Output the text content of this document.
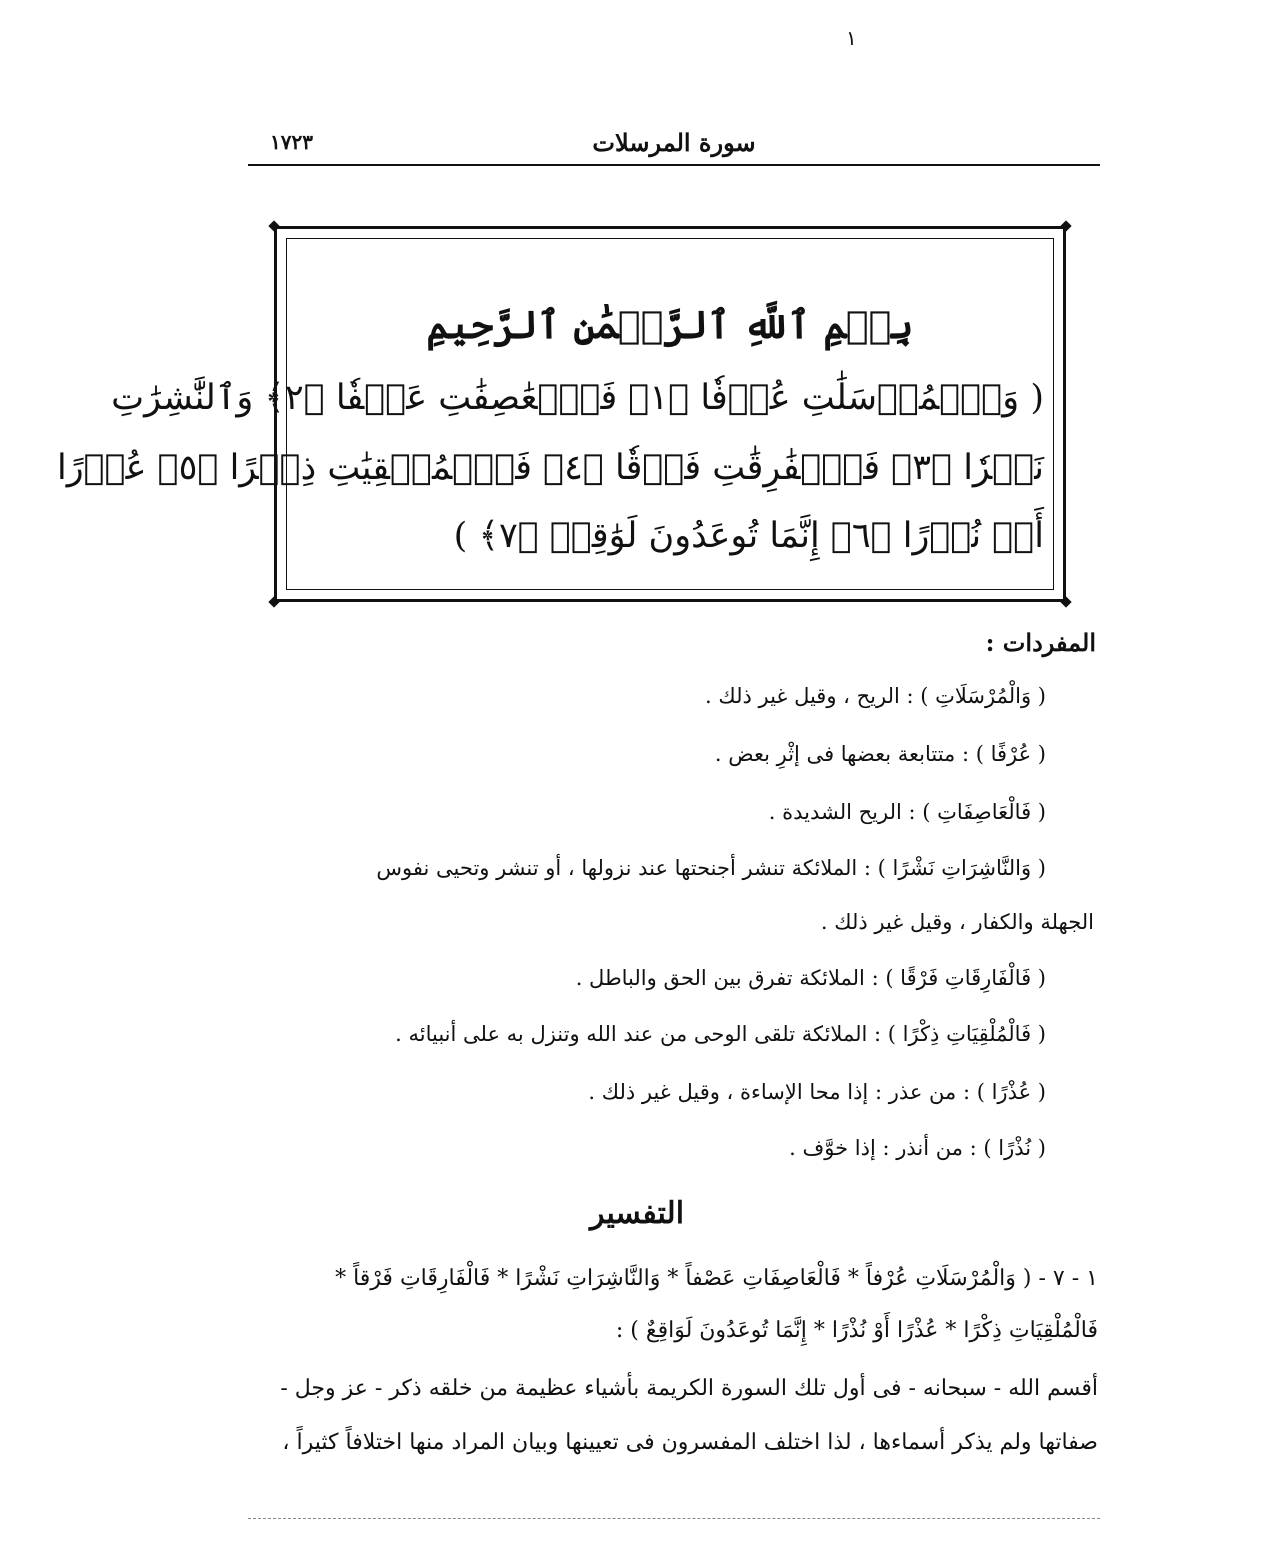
١
١٧٢٣	سورة المرسلات
بِسۡمِ ٱللَّهِ ٱلرَّحۡمَٰنِ ٱلرَّحِيمِ
( وَٱلۡمُرۡسَلَٰتِ عُرۡفٗا ﴿١﴾ فَٱلۡعَٰصِفَٰتِ عَصۡفٗا ﴿٢﴾ وَٱلنَّٰشِرَٰتِ
نَشۡرٗا ﴿٣﴾ فَٱلۡفَٰرِقَٰتِ فَرۡقٗا ﴿٤﴾ فَٱلۡمُلۡقِيَٰتِ ذِكۡرًا ﴿٥﴾ عُذۡرًا
أَوۡ نُذۡرًا ﴿٦﴾ إِنَّمَا تُوعَدُونَ لَوَٰقِعٞ ﴿٧﴾ )
المفردات :
( وَالْمُرْسَلَاتِ ) : الريح ، وقيل غير ذلك .
( عُرْفًا ) : متتابعة بعضها فى إثْرِ بعض .
( فَالْعَاصِفَاتِ ) : الريح الشديدة .
( وَالنَّاشِرَاتِ نَشْرًا ) : الملائكة تنشر أجنحتها عند نزولها ، أو تنشر وتحيى نفوس
الجهلة والكفار ، وقيل غير ذلك .
( فَالْفَارِقَاتِ فَرْقًا ) : الملائكة تفرق بين الحق والباطل .
( فَالْمُلْقِيَاتِ ذِكْرًا ) : الملائكة تلقى الوحى من عند الله وتنزل به على أنبيائه .
( عُذْرًا ) : من عذر : إذا محا الإساءة ، وقيل غير ذلك .
( نُذْرًا ) : من أنذر : إذا خوَّف .
التفسير
١ - ٧ - ( وَالْمُرْسَلَاتِ عُرْفاً * فَالْعَاصِفَاتِ عَصْفاً * وَالنَّاشِرَاتِ نَشْرًا * فَالْفَارِقَاتِ فَرْقاً *
فَالْمُلْقِيَاتِ ذِكْرًا * عُذْرًا أَوْ نُذْرًا * إِنَّمَا تُوعَدُونَ لَوَاقِعٌ ) :
أقسم الله - سبحانه - فى أول تلك السورة الكريمة بأشياء عظيمة من خلقه ذكر - عز وجل -
صفاتها ولم يذكر أسماءها ، لذا اختلف المفسرون فى تعيينها وبيان المراد منها اختلافاً كثيراً ،
